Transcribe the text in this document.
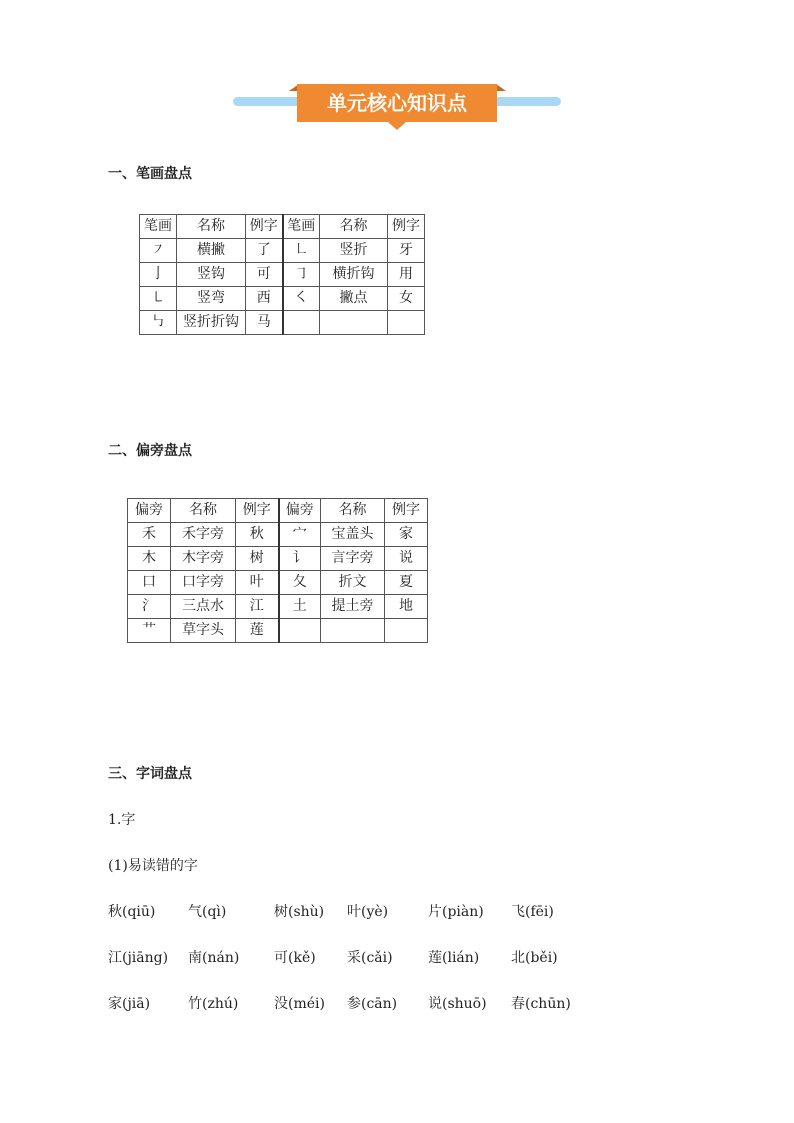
单元核心知识点
一、笔画盘点
笔画	名称	例字	笔画	名称	例字
㇇	横撇	了	㇗	竖折	牙
亅	竖钩	可	㇆	横折钩	用
㇄	竖弯	西	㇛	撇点	女
㇉	竖折折钩	马			
二、偏旁盘点
偏旁	名称	例字	偏旁	名称	例字
禾	禾字旁	秋	宀	宝盖头	家
木	木字旁	树	讠	言字旁	说
口	口字旁	叶	夂	折文	夏
氵	三点水	江	土	提土旁	地
艹	草字头	莲			
三、字词盘点
1.字
(1)易读错的字
秋(qiū) 气(qì)	树(shù) 叶(yè)	片(piàn) 飞(fēi)
江(jiāng) 南(nán) 可(kě) 采(cǎi)	莲(lián) 北(běi)
家(jiā)	竹(zhú)	没(méi) 参(cān) 说(shuō) 春(chūn)
